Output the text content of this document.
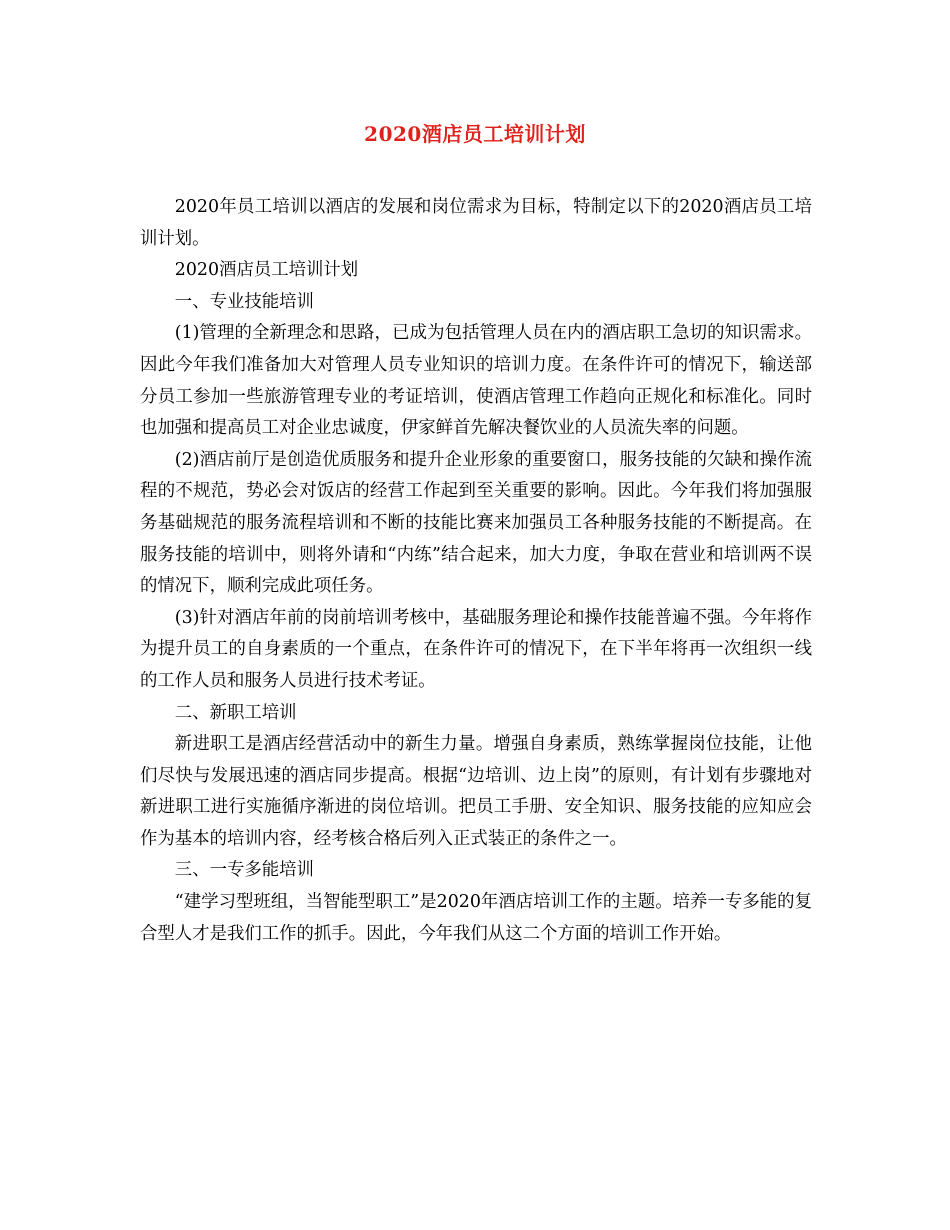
2020酒店员工培训计划

2020年员工培训以酒店的发展和岗位需求为目标，特制定以下的2020酒店员工培训计划。

2020酒店员工培训计划

一、专业技能培训

(1)管理的全新理念和思路，已成为包括管理人员在内的酒店职工急切的知识需求。因此今年我们准备加大对管理人员专业知识的培训力度。在条件许可的情况下，输送部分员工参加一些旅游管理专业的考证培训，使酒店管理工作趋向正规化和标准化。同时也加强和提高员工对企业忠诚度，伊家鲜首先解决餐饮业的人员流失率的问题。

(2)酒店前厅是创造优质服务和提升企业形象的重要窗口，服务技能的欠缺和操作流程的不规范，势必会对饭店的经营工作起到至关重要的影响。因此。今年我们将加强服务基础规范的服务流程培训和不断的技能比赛来加强员工各种服务技能的不断提高。在服务技能的培训中，则将外请和“内练”结合起来，加大力度，争取在营业和培训两不误的情况下，顺利完成此项任务。

(3)针对酒店年前的岗前培训考核中，基础服务理论和操作技能普遍不强。今年将作为提升员工的自身素质的一个重点，在条件许可的情况下，在下半年将再一次组织一线的工作人员和服务人员进行技术考证。

二、新职工培训

新进职工是酒店经营活动中的新生力量。增强自身素质，熟练掌握岗位技能，让他们尽快与发展迅速的酒店同步提高。根据“边培训、边上岗”的原则，有计划有步骤地对新进职工进行实施循序渐进的岗位培训。把员工手册、安全知识、服务技能的应知应会作为基本的培训内容，经考核合格后列入正式装正的条件之一。

三、一专多能培训

“建学习型班组，当智能型职工”是2020年酒店培训工作的主题。培养一专多能的复合型人才是我们工作的抓手。因此，今年我们从这二个方面的培训工作开始。
